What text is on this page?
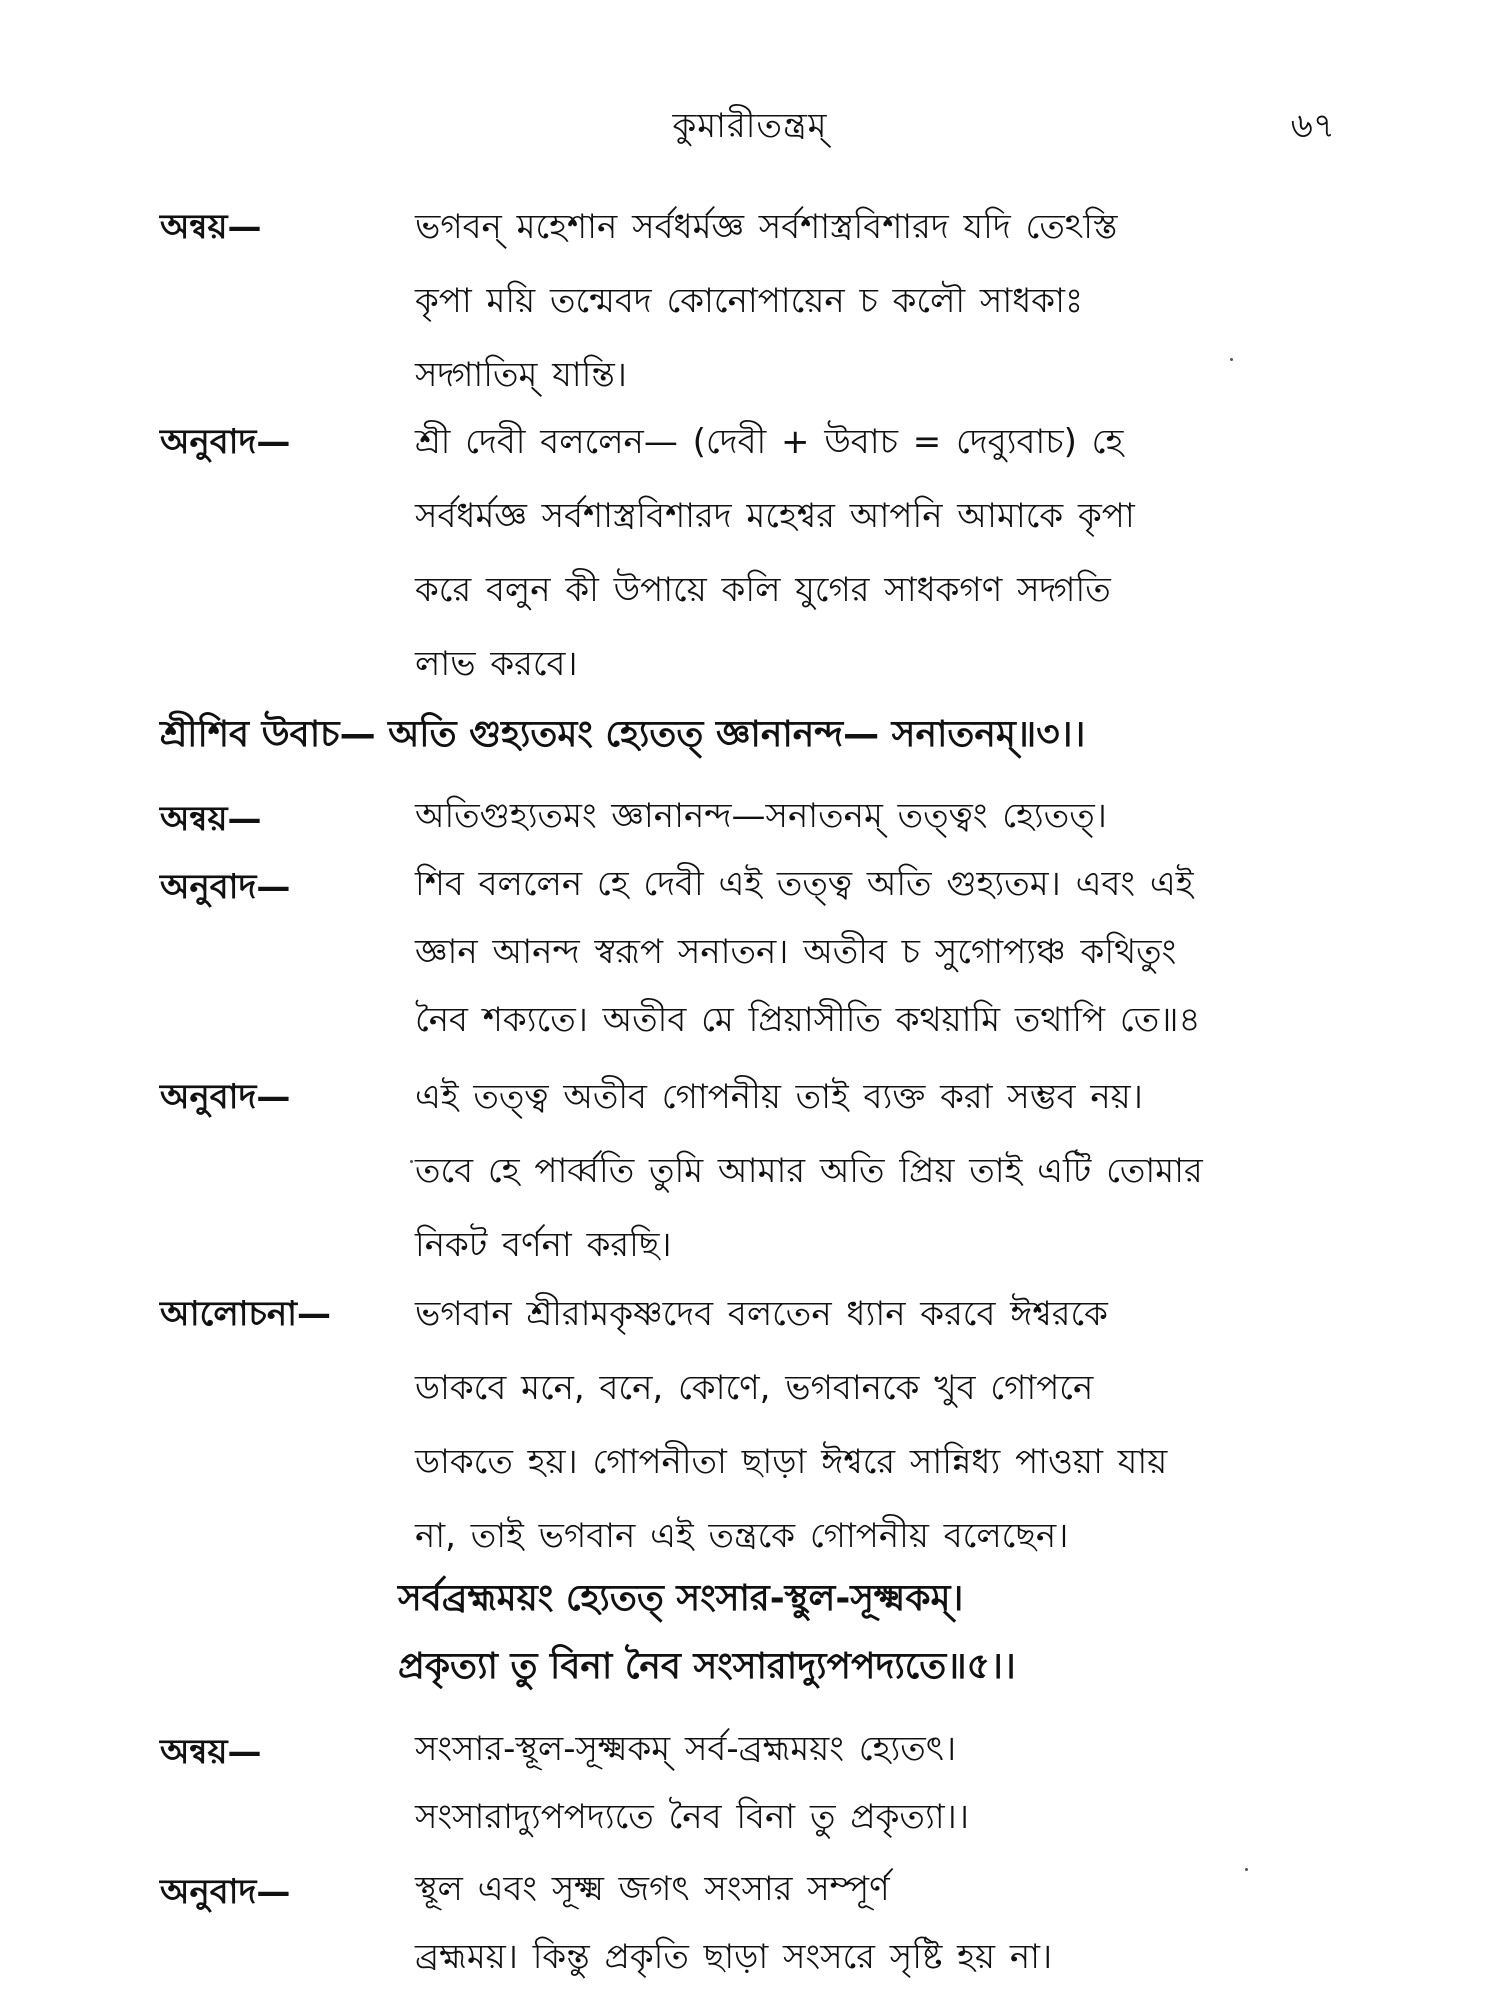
কুমারীতন্ত্রম্	৬৭
অন্বয়—	ভগবন্ মহেশান সর্বধর্মজ্ঞ সর্বশাস্ত্রবিশারদ যদি তেঽস্তি
কৃপা ময়ি তন্মেবদ কোনোপায়েন চ কলৌ সাধকাঃ
সদ্গাতিম্ যান্তি।
অনুবাদ—	শ্রী দেবী বললেন— (দেবী + উবাচ = দেব্যুবাচ) হে
সর্বধর্মজ্ঞ সর্বশাস্ত্রবিশারদ মহেশ্বর আপনি আমাকে কৃপা
করে বলুন কী উপায়ে কলি যুগের সাধকগণ সদ্গতি
লাভ করবে।
শ্রীশিব উবাচ— অতি গুহ্যতমং হ্যেতত্ জ্ঞানানন্দ— সনাতনম্॥৩।।
অন্বয়—	অতিগুহ্যতমং জ্ঞানানন্দ—সনাতনম্ তত্ত্বং হ্যেতত্।
অনুবাদ—	শিব বললেন হে দেবী এই তত্ত্ব অতি গুহ্যতম। এবং এই
জ্ঞান আনন্দ স্বরূপ সনাতন। অতীব চ সুগোপ্যঞ্চ কথিতুং
নৈব শক্যতে। অতীব মে প্রিয়াসীতি কথয়ামি তথাপি তে॥৪
অনুবাদ—	এই তত্ত্ব অতীব গোপনীয় তাই ব্যক্ত করা সম্ভব নয়।
তবে হে পার্ব্বতি তুমি আমার অতি প্রিয় তাই এটি তোমার
নিকট বর্ণনা করছি।
আলোচনা— ভগবান শ্রীরামকৃষ্ণদেব বলতেন ধ্যান করবে ঈশ্বরকে
ডাকবে মনে, বনে, কোণে, ভগবানকে খুব গোপনে
ডাকতে হয়। গোপনীতা ছাড়া ঈশ্বরে সান্নিধ্য পাওয়া যায়
না, তাই ভগবান এই তন্ত্রকে গোপনীয় বলেছেন।
সর্বব্রহ্মময়ং হ্যেতত্ সংসার-স্থুল-সূক্ষ্মকম্।
প্রকৃত্যা তু বিনা নৈব সংসারাদ্যুপপদ্যতে॥৫।।
অন্বয়—	সংসার-স্থূল-সূক্ষ্মকম্ সর্ব-ব্রহ্মময়ং হ্যেতৎ।
সংসারাদ্যুপপদ্যতে নৈব বিনা তু প্রকৃত্যা।।
অনুবাদ—	স্থূল এবং সূক্ষ্ম জগৎ সংসার সম্পূর্ণ
ব্রহ্মময়। কিন্তু প্রকৃতি ছাড়া সংসরে সৃষ্টি হয় না।
